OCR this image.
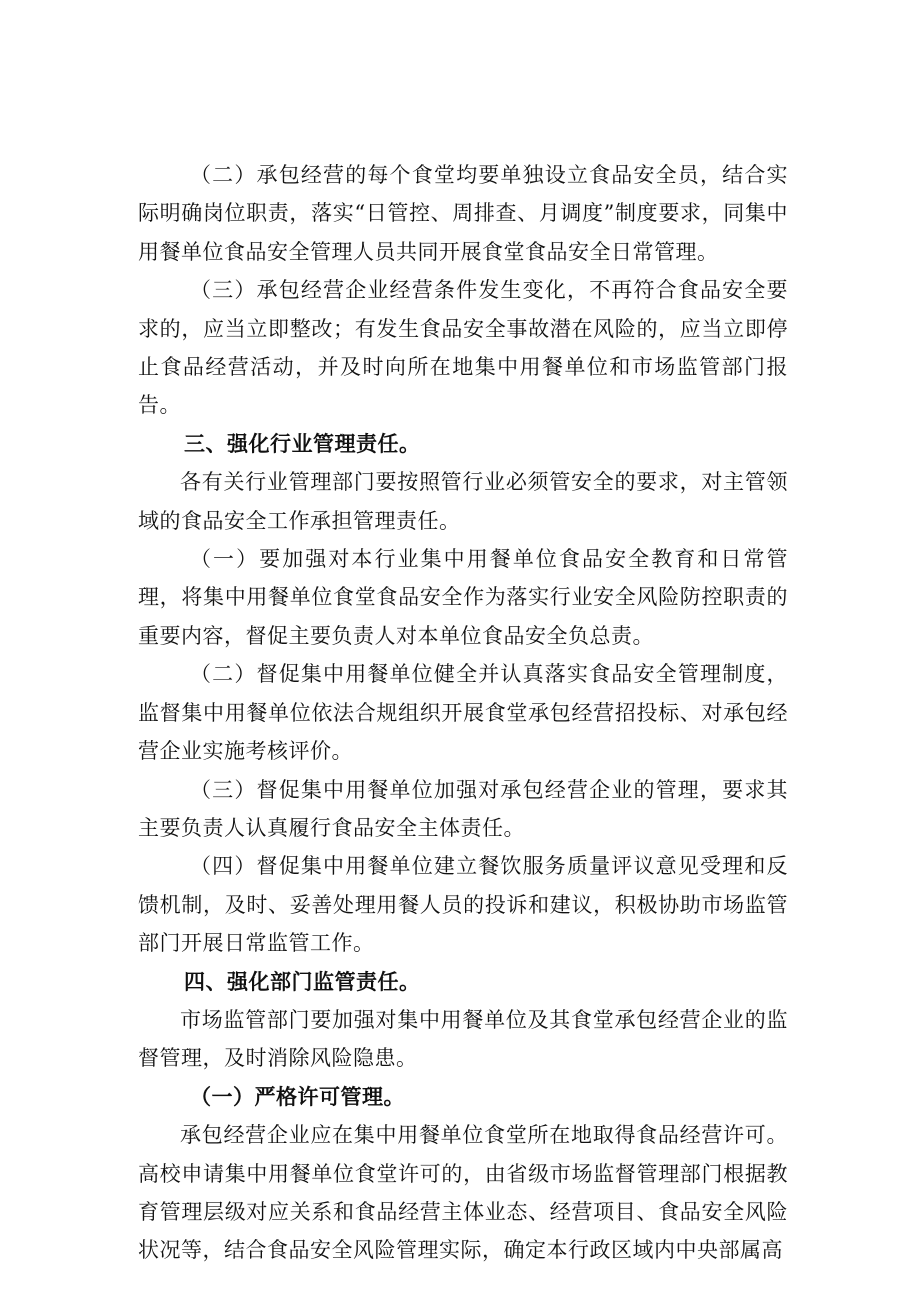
（二）承包经营的每个食堂均要单独设立食品安全员，结合实际明确岗位职责，落实“日管控、周排查、月调度”制度要求，同集中用餐单位食品安全管理人员共同开展食堂食品安全日常管理。

（三）承包经营企业经营条件发生变化，不再符合食品安全要求的，应当立即整改；有发生食品安全事故潜在风险的，应当立即停止食品经营活动，并及时向所在地集中用餐单位和市场监管部门报告。

三、强化行业管理责任。

各有关行业管理部门要按照管行业必须管安全的要求，对主管领域的食品安全工作承担管理责任。

（一）要加强对本行业集中用餐单位食品安全教育和日常管理，将集中用餐单位食堂食品安全作为落实行业安全风险防控职责的重要内容，督促主要负责人对本单位食品安全负总责。

（二）督促集中用餐单位健全并认真落实食品安全管理制度，监督集中用餐单位依法合规组织开展食堂承包经营招投标、对承包经营企业实施考核评价。

（三）督促集中用餐单位加强对承包经营企业的管理，要求其主要负责人认真履行食品安全主体责任。

（四）督促集中用餐单位建立餐饮服务质量评议意见受理和反馈机制，及时、妥善处理用餐人员的投诉和建议，积极协助市场监管部门开展日常监管工作。

四、强化部门监管责任。

市场监管部门要加强对集中用餐单位及其食堂承包经营企业的监督管理，及时消除风险隐患。

（一）严格许可管理。

承包经营企业应在集中用餐单位食堂所在地取得食品经营许可。高校申请集中用餐单位食堂许可的，由省级市场监督管理部门根据教育管理层级对应关系和食品经营主体业态、经营项目、食品安全风险状况等，结合食品安全风险管理实际，确定本行政区域内中央部属高
